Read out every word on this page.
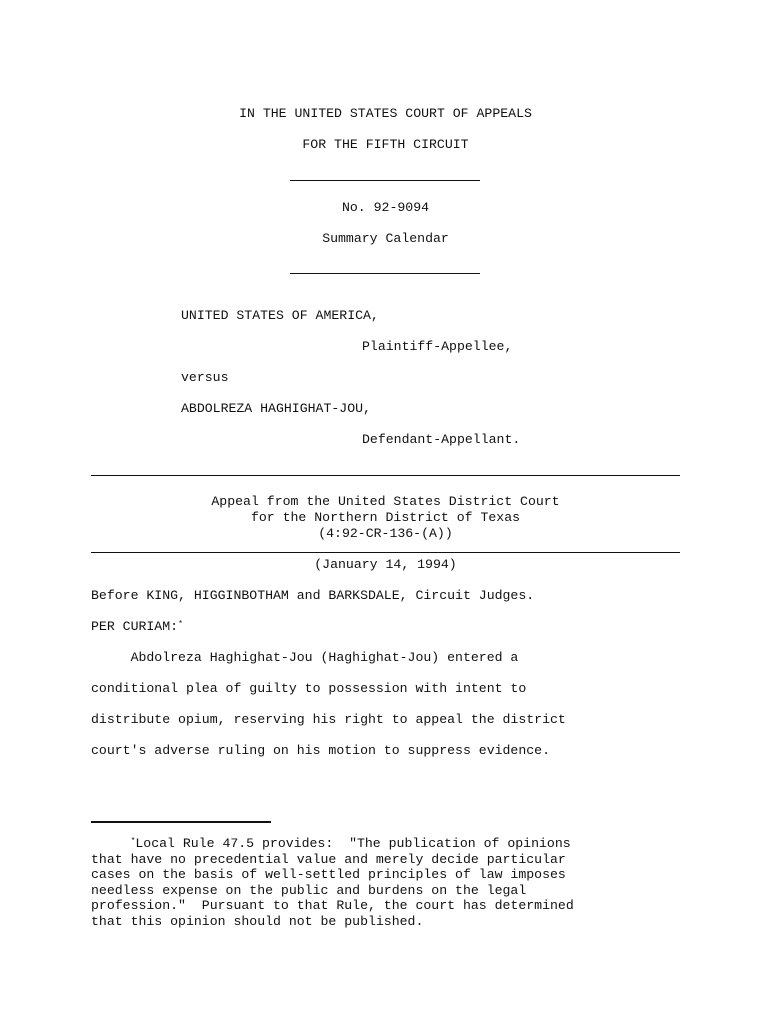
IN THE UNITED STATES COURT OF APPEALS
FOR THE FIFTH CIRCUIT
No. 92-9094
Summary Calendar
UNITED STATES OF AMERICA,
Plaintiff-Appellee,
versus
ABDOLREZA HAGHIGHAT-JOU,
Defendant-Appellant.
Appeal from the United States District Court
for the Northern District of Texas
(4:92-CR-136-(A))
(January 14, 1994)
Before KING, HIGGINBOTHAM and BARKSDALE, Circuit Judges.
PER CURIAM:*
Abdolreza Haghighat-Jou (Haghighat-Jou) entered a
conditional plea of guilty to possession with intent to
distribute opium, reserving his right to appeal the district
court's adverse ruling on his motion to suppress evidence.
*Local Rule 47.5 provides:  "The publication of opinions
that have no precedential value and merely decide particular
cases on the basis of well-settled principles of law imposes
needless expense on the public and burdens on the legal
profession."  Pursuant to that Rule, the court has determined
that this opinion should not be published.
